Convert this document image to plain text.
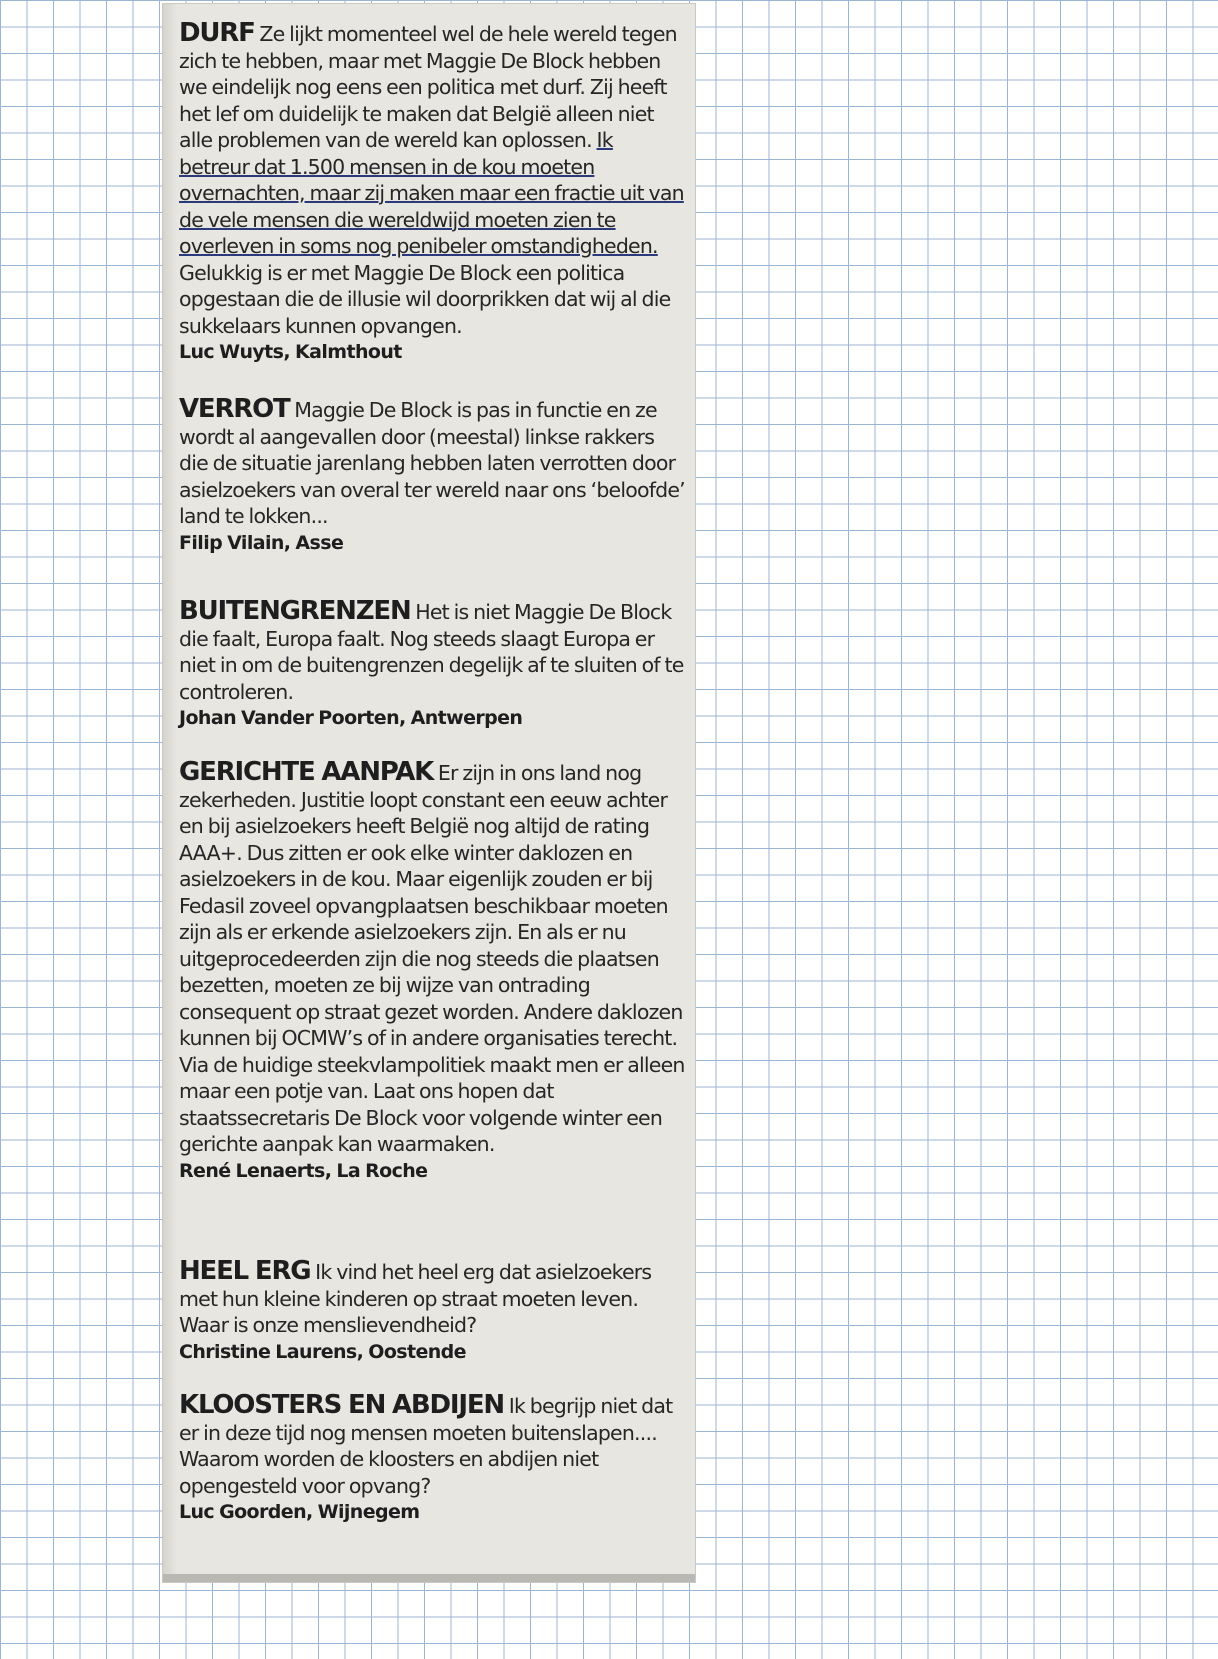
DURF Ze lijkt momenteel wel de hele wereld tegen zich te hebben, maar met Maggie De Block hebben we eindelijk nog eens een politica met durf. Zij heeft het lef om duidelijk te maken dat België alleen niet alle problemen van de wereld kan oplossen. Ik betreur dat 1.500 mensen in de kou moeten overnachten, maar zij maken maar een fractie uit van de vele mensen die wereldwijd moeten zien te overleven in soms nog penibeler omstandigheden. Gelukkig is er met Maggie De Block een politica opgestaan die de illusie wil doorprikken dat wij al die sukkelaars kunnen opvangen.

Luc Wuyts, Kalmthout

VERROT Maggie De Block is pas in functie en ze wordt al aangevallen door (meestal) linkse rakkers die de situatie jarenlang hebben laten verrotten door asielzoekers van overal ter wereld naar ons ‘beloofde’ land te lokken...

Filip Vilain, Asse

BUITENGRENZEN Het is niet Maggie De Block die faalt, Europa faalt. Nog steeds slaagt Europa er niet in om de buitengrenzen degelijk af te sluiten of te controleren.

Johan Vander Poorten, Antwerpen

GERICHTE AANPAK Er zijn in ons land nog zekerheden. Justitie loopt constant een eeuw achter en bij asielzoekers heeft België nog altijd de rating AAA+. Dus zitten er ook elke winter daklozen en asielzoekers in de kou. Maar eigenlijk zouden er bij Fedasil zoveel opvangplaatsen beschikbaar moeten zijn als er erkende asielzoekers zijn. En als er nu uitgeprocedeerden zijn die nog steeds die plaatsen bezetten, moeten ze bij wijze van ontrading consequent op straat gezet worden. Andere daklozen kunnen bij OCMW’s of in andere organisaties terecht. Via de huidige steekvlampolitiek maakt men er alleen maar een potje van. Laat ons hopen dat staatssecretaris De Block voor volgende winter een gerichte aanpak kan waarmaken.

René Lenaerts, La Roche

HEEL ERG Ik vind het heel erg dat asielzoekers met hun kleine kinderen op straat moeten leven. Waar is onze menslievendheid?

Christine Laurens, Oostende

KLOOSTERS EN ABDIJEN Ik begrijp niet dat er in deze tijd nog mensen moeten buitenslapen.... Waarom worden de kloosters en abdijen niet opengesteld voor opvang?

Luc Goorden, Wijnegem
